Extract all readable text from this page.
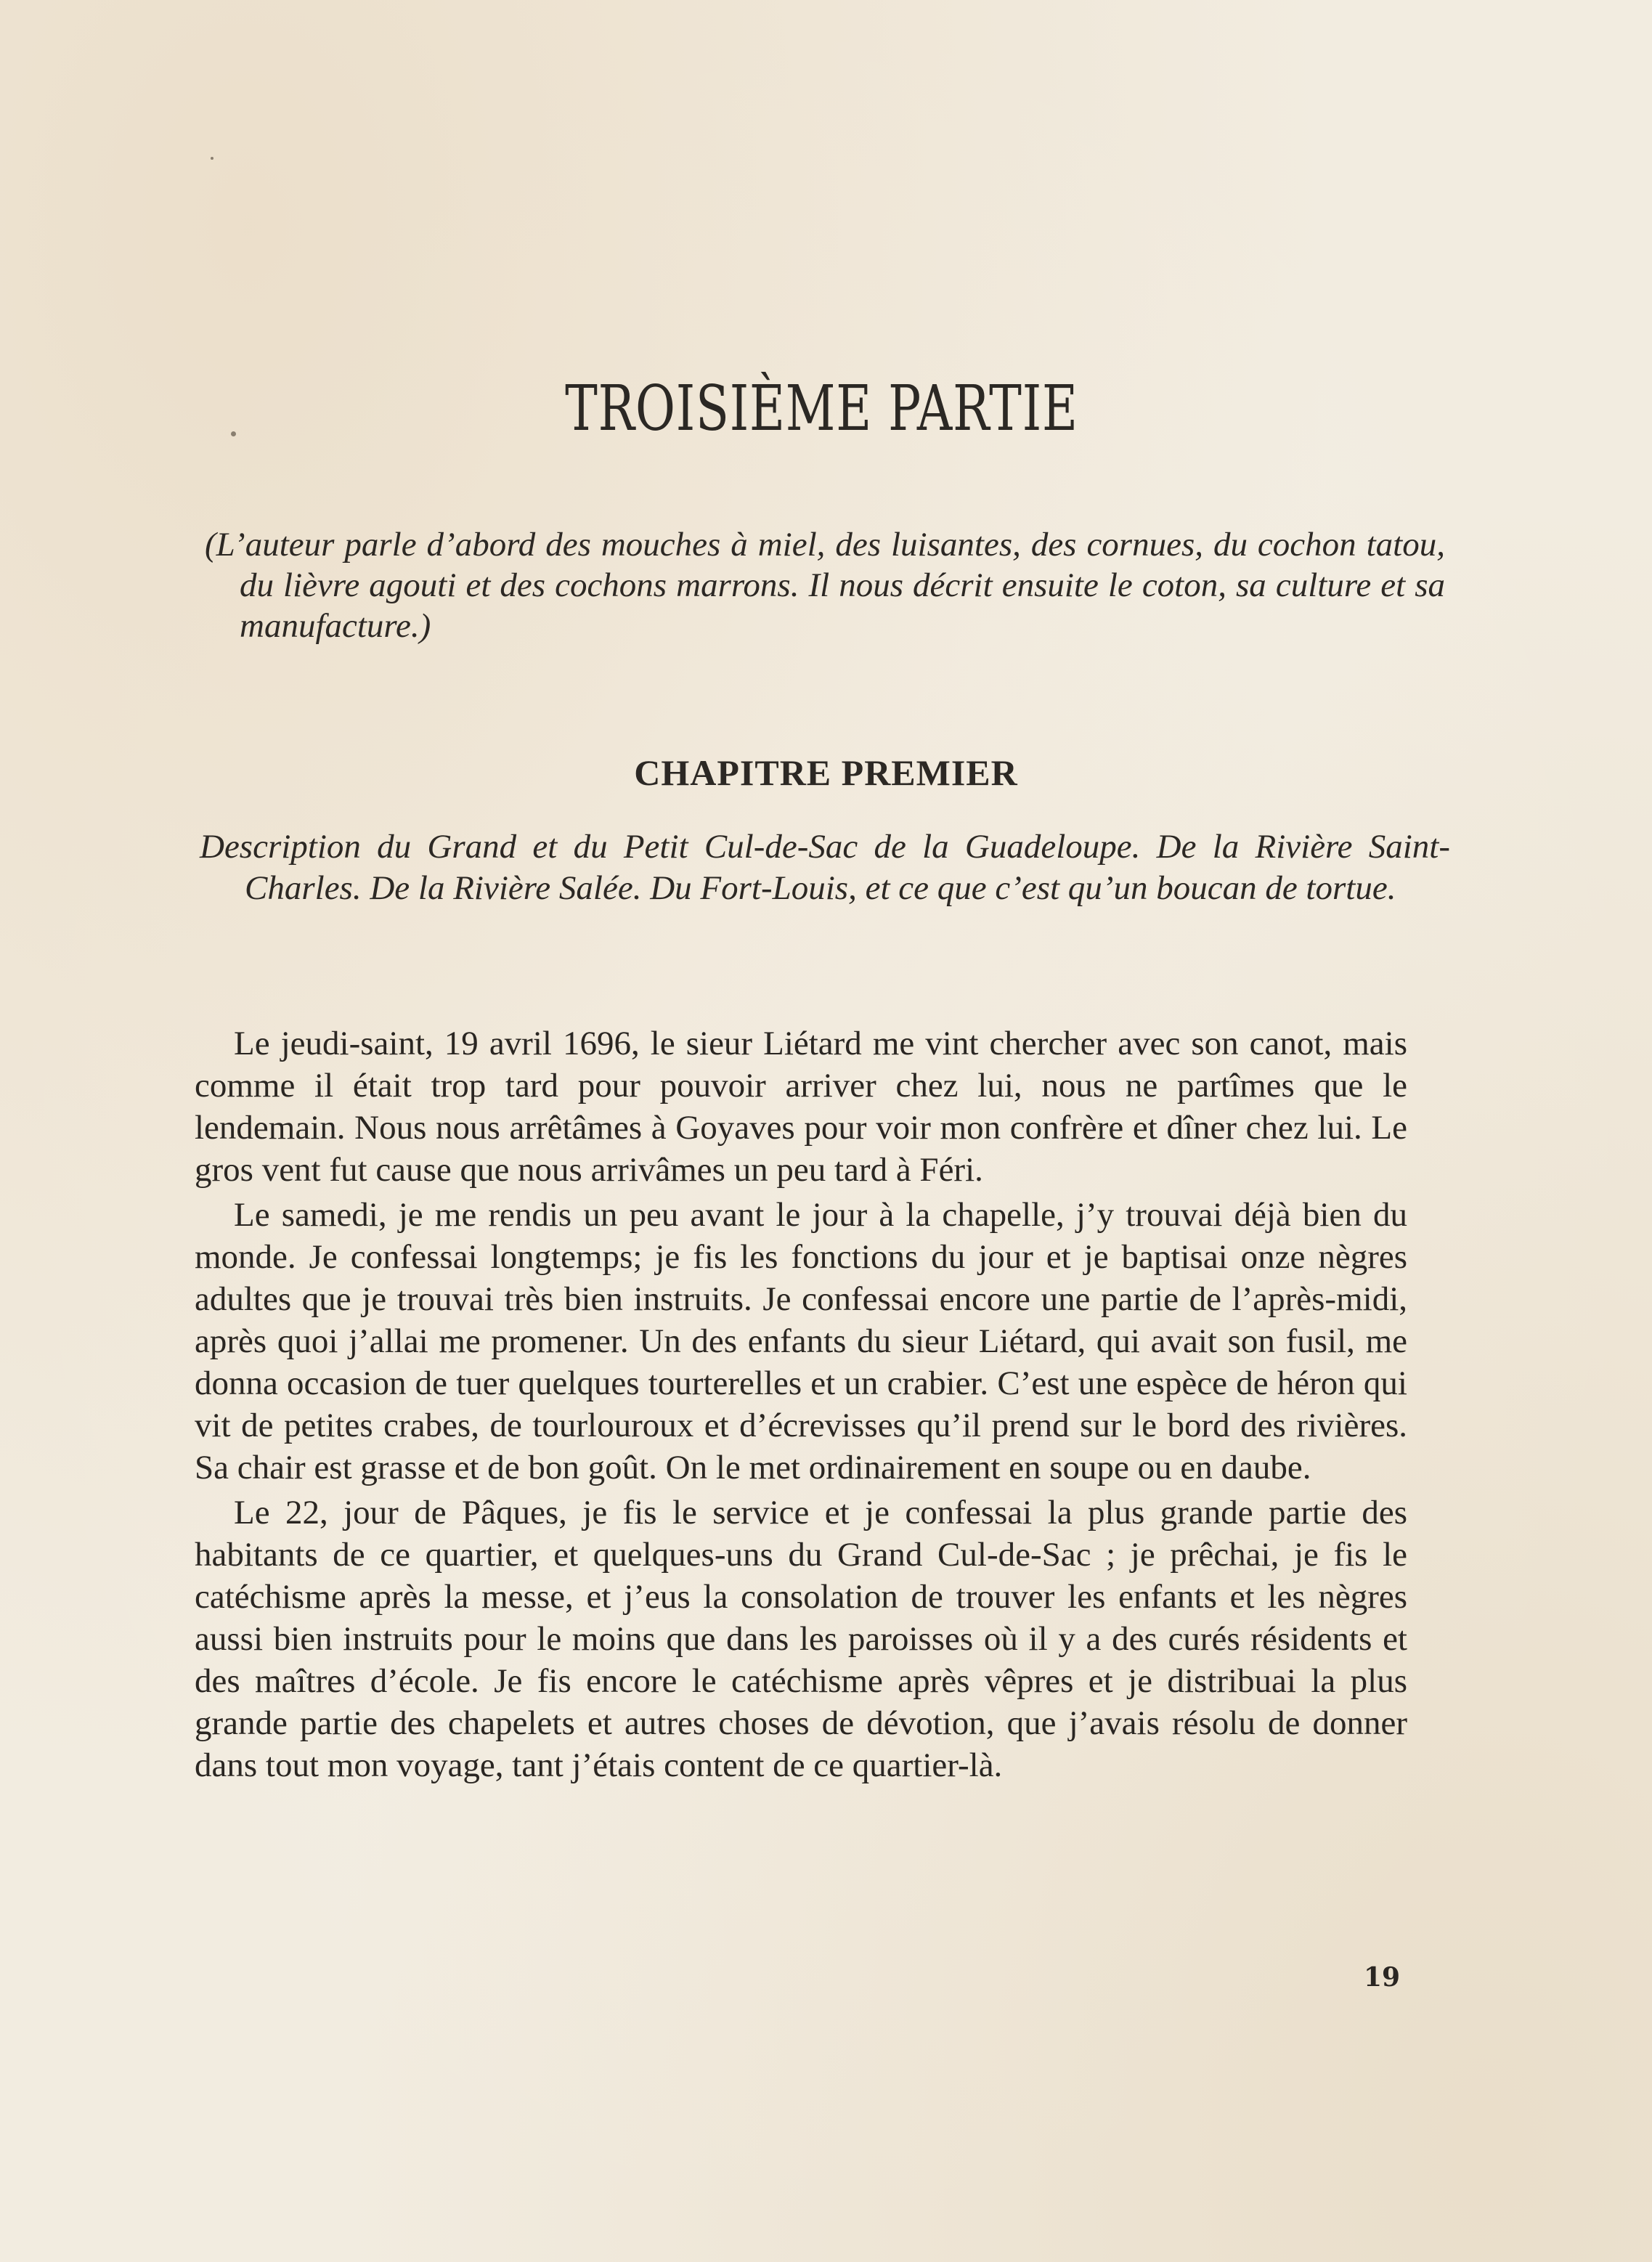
TROISIÈME PARTIE
(L’auteur parle d’abord des mouches à miel, des luisantes, des cornues, du cochon tatou, du lièvre agouti et des cochons marrons. Il nous décrit ensuite le coton, sa culture et sa manufacture.)
CHAPITRE PREMIER
Description du Grand et du Petit Cul-de-Sac de la Guadeloupe. De la Rivière Saint-Charles. De la Rivière Salée. Du Fort-Louis, et ce que c’est qu’un boucan de tortue.

Le jeudi-saint, 19 avril 1696, le sieur Liétard me vint chercher avec son canot, mais comme il était trop tard pour pouvoir arriver chez lui, nous ne partîmes que le lendemain. Nous nous arrêtâmes à Goyaves pour voir mon confrère et dîner chez lui. Le gros vent fut cause que nous arrivâmes un peu tard à Féri.

Le samedi, je me rendis un peu avant le jour à la chapelle, j’y trouvai déjà bien du monde. Je confessai longtemps; je fis les fonctions du jour et je baptisai onze nègres adultes que je trouvai très bien instruits. Je confessai encore une partie de l’après-midi, après quoi j’allai me promener. Un des enfants du sieur Liétard, qui avait son fusil, me donna occasion de tuer quelques tourterelles et un crabier. C’est une espèce de héron qui vit de petites crabes, de tourlouroux et d’écrevisses qu’il prend sur le bord des rivières. Sa chair est grasse et de bon goût. On le met ordinairement en soupe ou en daube.

Le 22, jour de Pâques, je fis le service et je confessai la plus grande partie des habitants de ce quartier, et quelques-uns du Grand Cul-de-Sac ; je prêchai, je fis le catéchisme après la messe, et j’eus la consolation de trouver les enfants et les nègres aussi bien instruits pour le moins que dans les paroisses où il y a des curés résidents et des maîtres d’école. Je fis encore le catéchisme après vêpres et je distribuai la plus grande partie des chapelets et autres choses de dévotion, que j’avais résolu de donner dans tout mon voyage, tant j’étais content de ce quartier-là.

19
